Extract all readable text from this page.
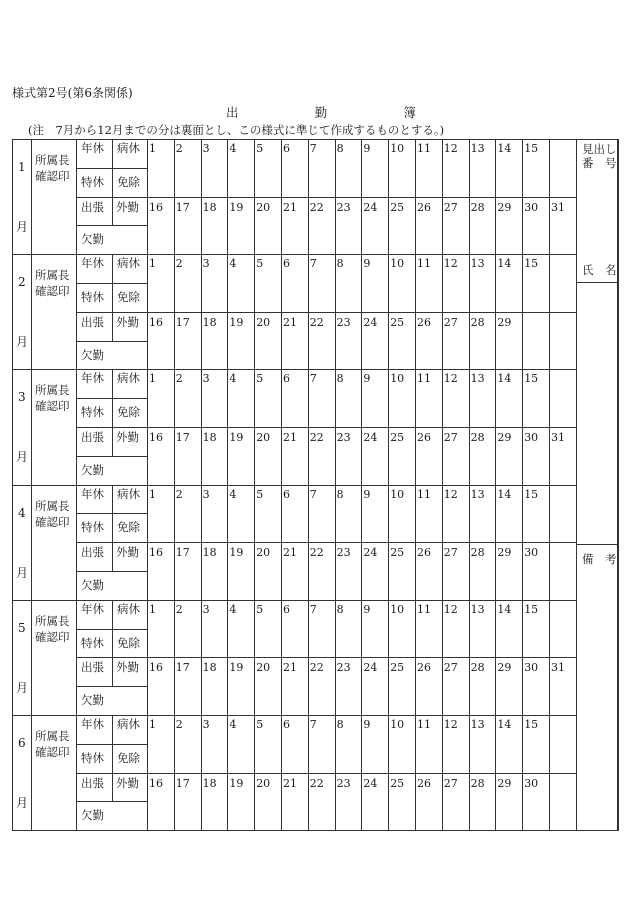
様式第2号(第6条関係)
出	勤	簿
(注　7月から12月までの分は裏面とし、この様式に準じて作成するものとする。)
見出し
番　号
氏　名
備　考
1
月
所属長
確認印
年休 病休
特休 免除
出張 外勤
欠勤
1 2 3 4 5 6 7 8 9 10 11 12 13 14 15
16 17 18 19 20 21 22 23 24 25 26 27 28 29 30 31
2
月
所属長
確認印
年休 病休
特休 免除
出張 外勤
欠勤
1 2 3 4 5 6 7 8 9 10 11 12 13 14 15
16 17 18 19 20 21 22 23 24 25 26 27 28 29
3
月
所属長
確認印
年休 病休
特休 免除
出張 外勤
欠勤
1 2 3 4 5 6 7 8 9 10 11 12 13 14 15
16 17 18 19 20 21 22 23 24 25 26 27 28 29 30 31
4
月
所属長
確認印
年休 病休
特休 免除
出張 外勤
欠勤
1 2 3 4 5 6 7 8 9 10 11 12 13 14 15
16 17 18 19 20 21 22 23 24 25 26 27 28 29 30
5
月
所属長
確認印
年休 病休
特休 免除
出張 外勤
欠勤
1 2 3 4 5 6 7 8 9 10 11 12 13 14 15
16 17 18 19 20 21 22 23 24 25 26 27 28 29 30 31
6
月
所属長
確認印
年休 病休
特休 免除
出張 外勤
欠勤
1 2 3 4 5 6 7 8 9 10 11 12 13 14 15
16 17 18 19 20 21 22 23 24 25 26 27 28 29 30
